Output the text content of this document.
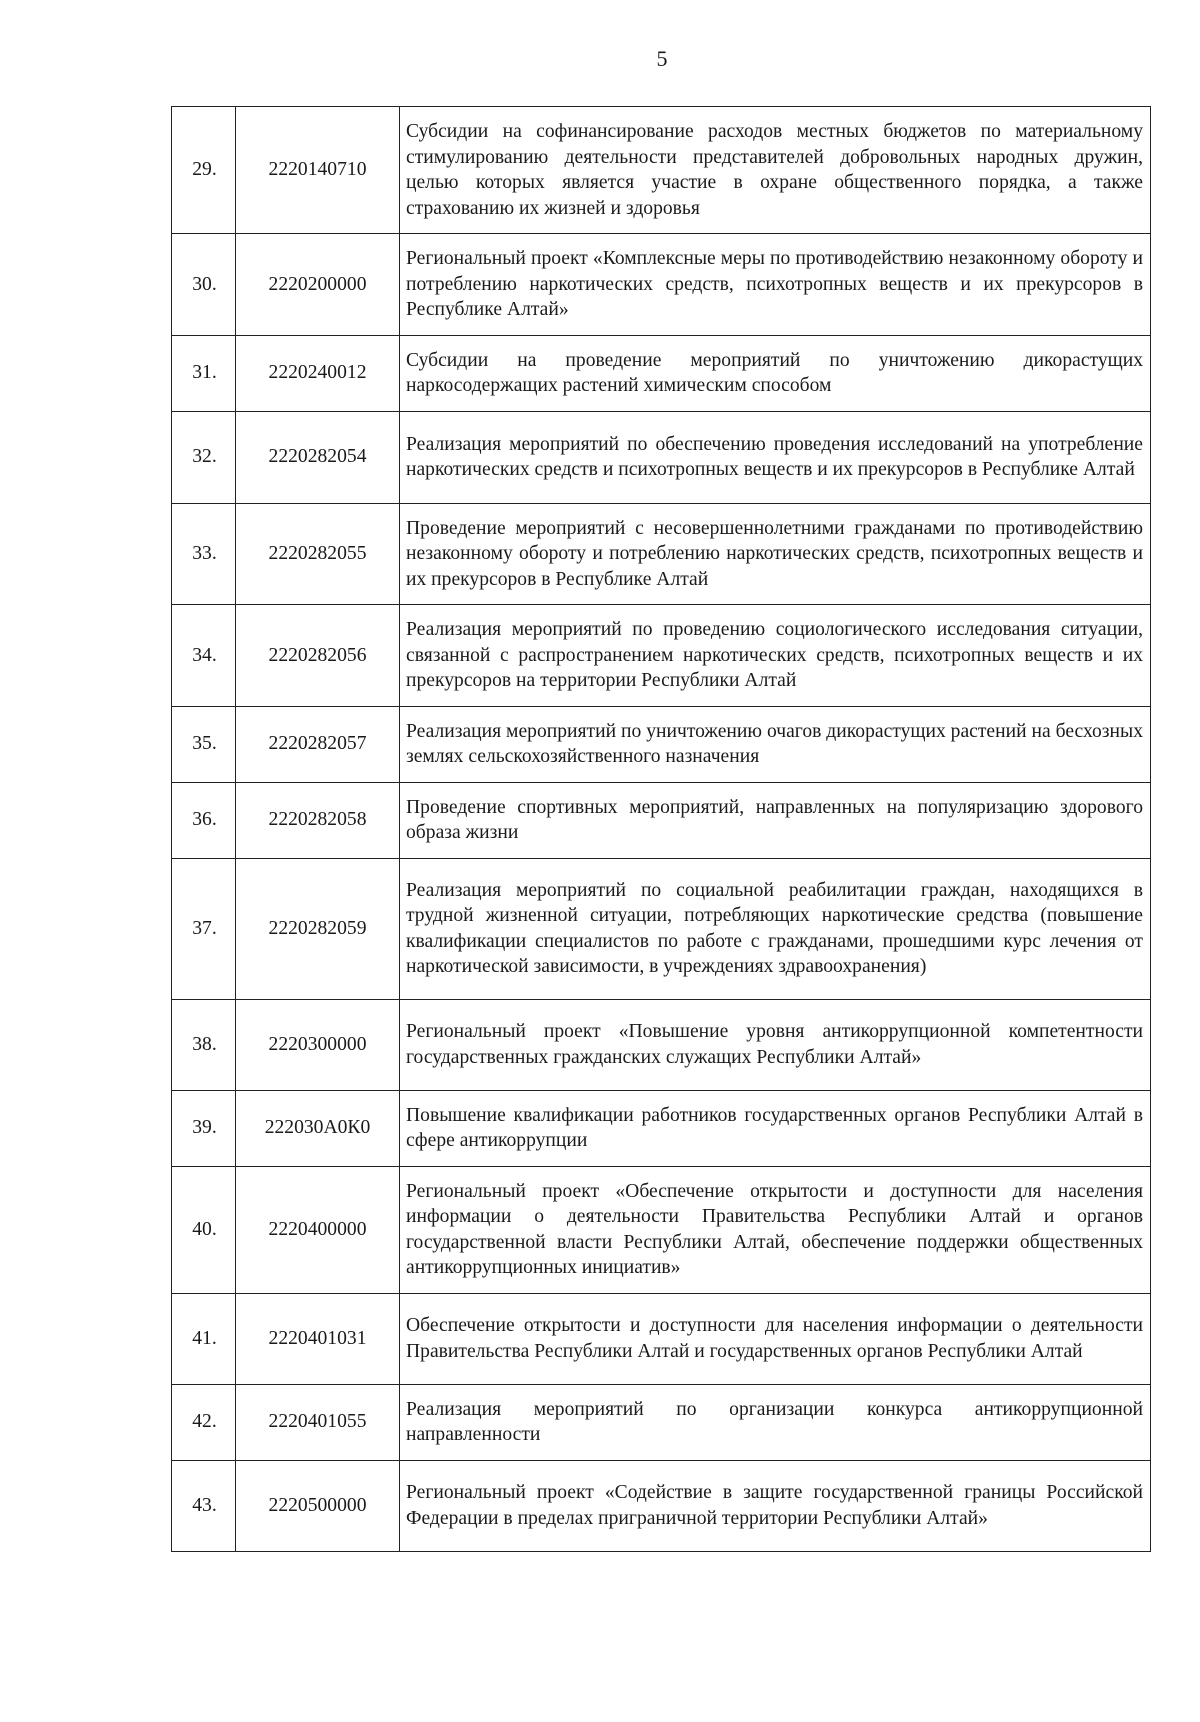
5
29.	2220140710	Субсидии на софинансирование расходов местных бюджетов по материальному стимулированию деятельности представителей добровольных народных дружин, целью которых является участие в охране общественного порядка, а также страхованию их жизней и здоровья
30.	2220200000	Региональный проект «Комплексные меры по противодействию незаконному обороту и потреблению наркотических средств, психотропных веществ и их прекурсоров в Республике Алтай»
31.	2220240012	Субсидии на проведение мероприятий по уничтожению дикорастущих наркосодержащих растений химическим способом
32.	2220282054	Реализация мероприятий по обеспечению проведения исследований на употребление наркотических средств и психотропных веществ и их прекурсоров в Республике Алтай
33.	2220282055	Проведение мероприятий с несовершеннолетними гражданами по противодействию незаконному обороту и потреблению наркотических средств, психотропных веществ и их прекурсоров в Республике Алтай
34.	2220282056	Реализация мероприятий по проведению социологического исследования ситуации, связанной с распространением наркотических средств, психотропных веществ и их прекурсоров на территории Республики Алтай
35.	2220282057	Реализация мероприятий по уничтожению очагов дикорастущих растений на бесхозных землях сельскохозяйственного назначения
36.	2220282058	Проведение спортивных мероприятий, направленных на популяризацию здорового образа жизни
37.	2220282059	Реализация мероприятий по социальной реабилитации граждан, находящихся в трудной жизненной ситуации, потребляющих наркотические средства (повышение квалификации специалистов по работе с гражданами, прошедшими курс лечения от наркотической зависимости, в учреждениях здравоохранения)
38.	2220300000	Региональный проект «Повышение уровня антикоррупционной компетентности государственных гражданских служащих Республики Алтай»
39.	222030А0К0	Повышение квалификации работников государственных органов Республики Алтай в сфере антикоррупции
40.	2220400000	Региональный проект «Обеспечение открытости и доступности для населения информации о деятельности Правительства Республики Алтай и органов государственной власти Республики Алтай, обеспечение поддержки общественных антикоррупционных инициатив»
41.	2220401031	Обеспечение открытости и доступности для населения информации о деятельности Правительства Республики Алтай и государственных органов Республики Алтай
42.	2220401055	Реализация мероприятий по организации конкурса антикоррупционной направленности
43.	2220500000	Региональный проект «Содействие в защите государственной границы Российской Федерации в пределах приграничной территории Республики Алтай»
